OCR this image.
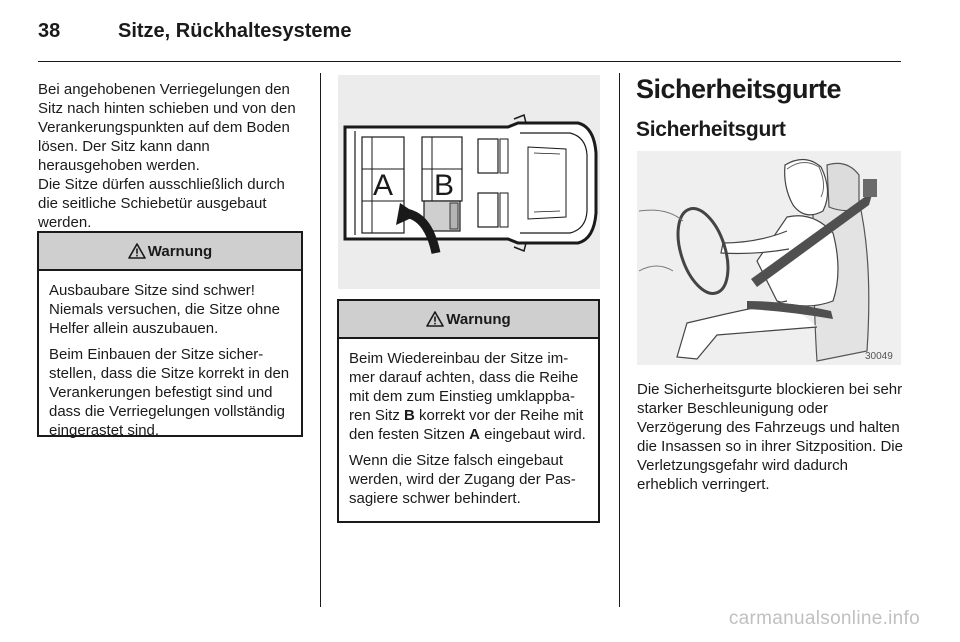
38	Sitze, Rückhaltesysteme
Bei angehobenen Verriegelungen den Sitz nach hinten schieben und von den Verankerungspunkten auf dem Boden lösen. Der Sitz kann dann herausgehoben werden.
Die Sitze dürfen ausschließlich durch die seitliche Schiebetür ausgebaut werden.
Warnung

Ausbaubare Sitze sind schwer! Niemals versuchen, die Sitze ohne Helfer allein auszubauen.

Beim Einbauen der Sitze sicherstellen, dass die Sitze korrekt in den Verankerungen befestigt sind und dass die Verriegelungen vollständig eingerastet sind.

A B
Warnung

Beim Wiedereinbau der Sitze immer darauf achten, dass die Reihe mit dem zum Einstieg umklappbaren Sitz B korrekt vor der Reihe mit den festen Sitzen A eingebaut wird.

Wenn die Sitze falsch eingebaut werden, wird der Zugang der Passagiere schwer behindert.

Sicherheitsgurte
Sicherheitsgurt
30049
Die Sicherheitsgurte blockieren bei sehr starker Beschleunigung oder Verzögerung des Fahrzeugs und halten die Insassen so in ihrer Sitzposition. Die Verletzungsgefahr wird dadurch erheblich verringert.
carmanualsonline.info
